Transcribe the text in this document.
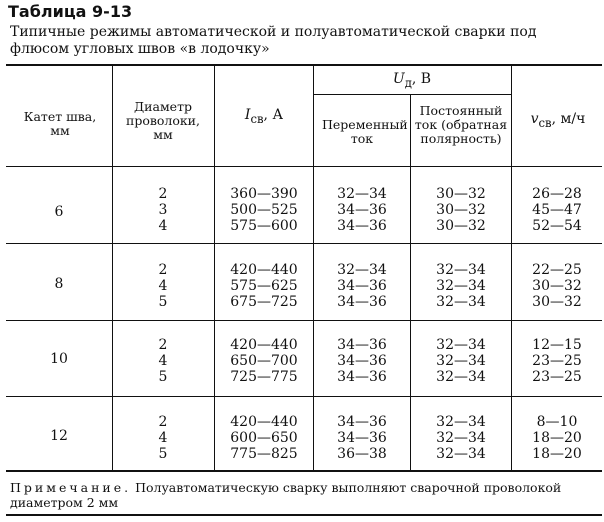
Таблица 9-13
Типичные режимы автоматической и полуавтоматической сварки под флюсом угловых швов «в лодочку»
Катет шва, мм
Диаметр проволоки, мм
$I_{св}$, А
$U_д$, В
Переменный ток
Постоянный ток (обратная полярность)
$v_{св}$, м/ч
6
2
3
4
360—390
500—525
575—600
32—34
34—36
34—36
30—32
30—32
30—32
26—28
45—47
52—54
8
2
4
5
420—440
575—625
675—725
32—34
34—36
34—36
32—34
32—34
32—34
22—25
30—32
30—32
10
2
4
5
420—440
650—700
725—775
34—36
34—36
34—36
32—34
32—34
32—34
12—15
23—25
23—25
12
2
4
5
420—440
600—650
775—825
34—36
34—36
36—38
32—34
32—34
32—34
8—10
18—20
18—20
Примечание. Полуавтоматическую сварку выполняют сварочной проволокой диаметром 2 мм
